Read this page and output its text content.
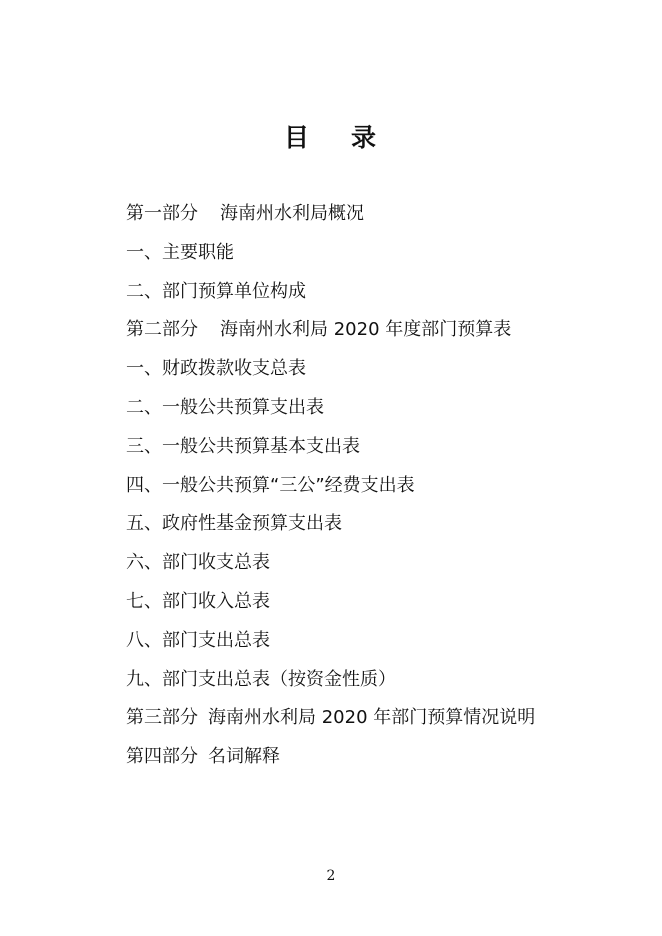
目 录
第一部分 海南州水利局概况
一、主要职能
二、部门预算单位构成
第二部分 海南州水利局 2020 年度部门预算表
一、财政拨款收支总表
二、一般公共预算支出表
三、一般公共预算基本支出表
四、一般公共预算“三公”经费支出表
五、政府性基金预算支出表
六、部门收支总表
七、部门收入总表
八、部门支出总表
九、部门支出总表（按资金性质）
第三部分 海南州水利局 2020 年部门预算情况说明
第四部分 名词解释
2
